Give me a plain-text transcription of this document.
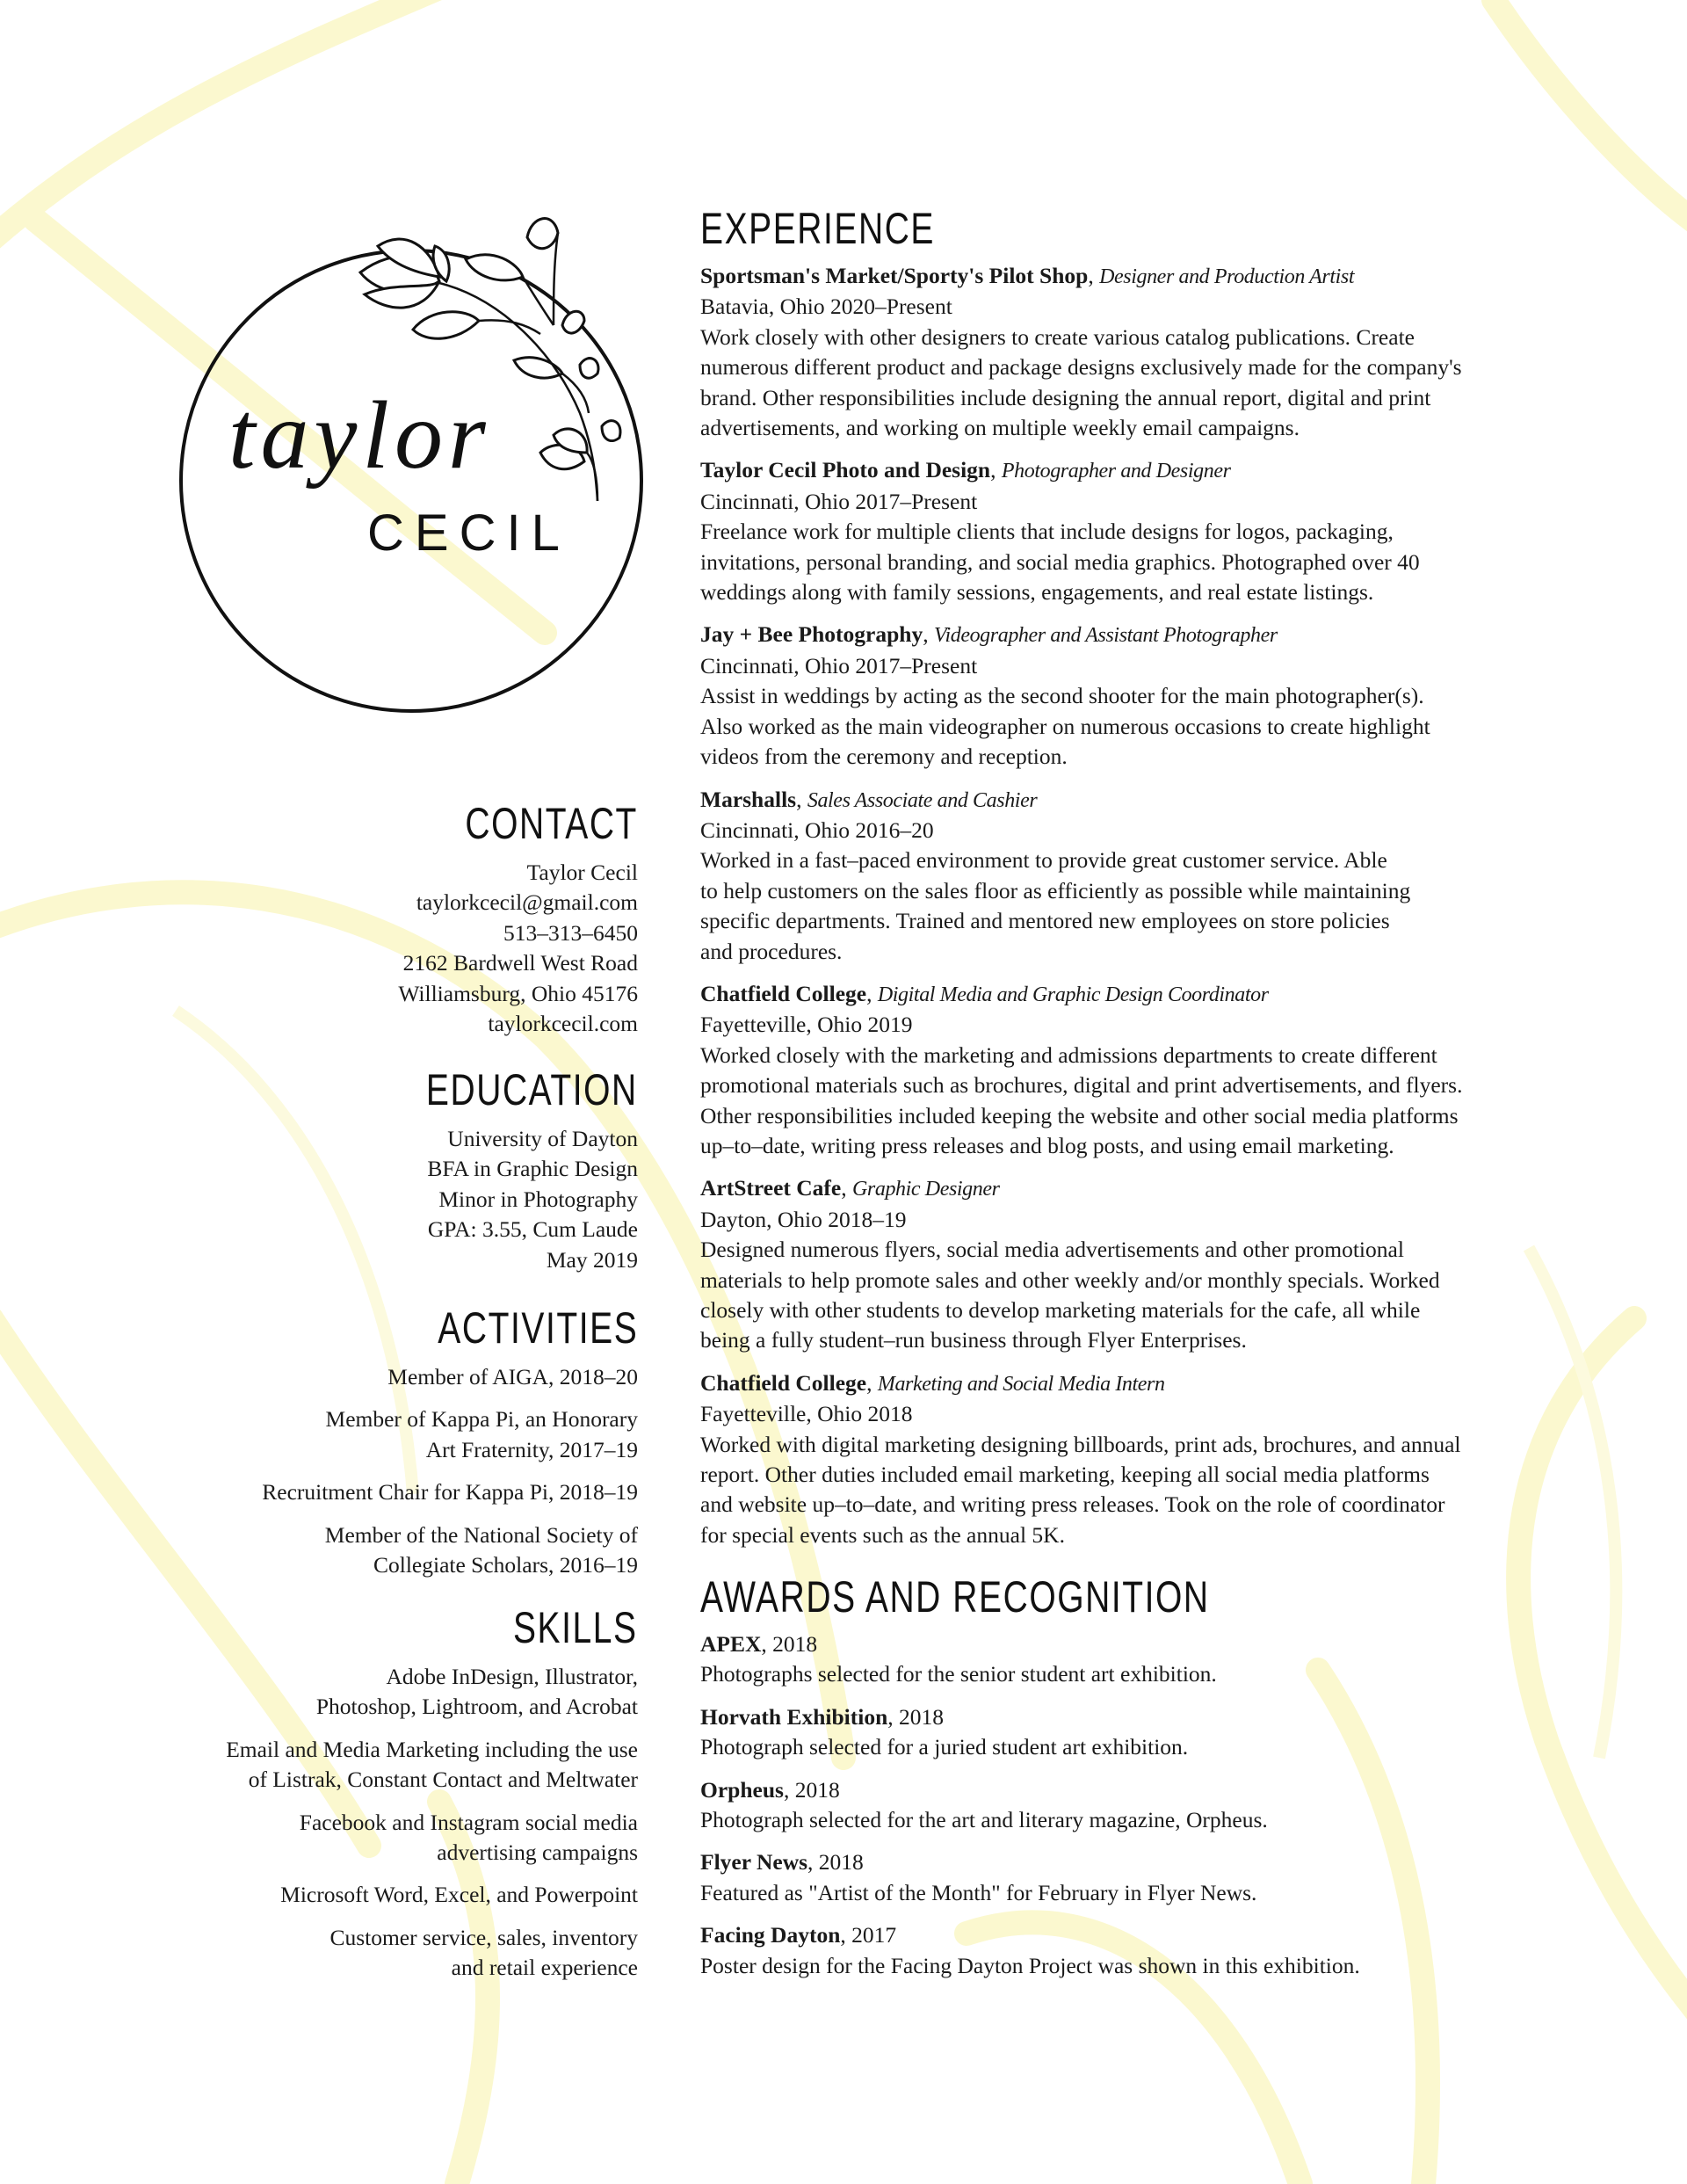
taylor
CECIL
CONTACT
Taylor Cecil
taylorkcecil@gmail.com
513–313–6450
2162 Bardwell West Road
Williamsburg, Ohio 45176
taylorkcecil.com
EDUCATION
University of Dayton
BFA in Graphic Design
Minor in Photography
GPA: 3.55, Cum Laude
May 2019
ACTIVITIES
Member of AIGA, 2018–20
Member of Kappa Pi, an Honorary
Art Fraternity, 2017–19
Recruitment Chair for Kappa Pi, 2018–19
Member of the National Society of
Collegiate Scholars, 2016–19
SKILLS
Adobe InDesign, Illustrator,
Photoshop, Lightroom, and Acrobat
Email and Media Marketing including the use
of Listrak, Constant Contact and Meltwater
Facebook and Instagram social media
advertising campaigns
Microsoft Word, Excel, and Powerpoint
Customer service, sales, inventory
and retail experience
EXPERIENCE
Sportsman's Market/Sporty's Pilot Shop, Designer and Production Artist
Batavia, Ohio 2020–Present
Work closely with other designers to create various catalog publications. Create
numerous different product and package designs exclusively made for the company's
brand. Other responsibilities include designing the annual report, digital and print
advertisements, and working on multiple weekly email campaigns.
Taylor Cecil Photo and Design, Photographer and Designer
Cincinnati, Ohio 2017–Present
Freelance work for multiple clients that include designs for logos, packaging,
invitations, personal branding, and social media graphics. Photographed over 40
weddings along with family sessions, engagements, and real estate listings.
Jay + Bee Photography, Videographer and Assistant Photographer
Cincinnati, Ohio 2017–Present
Assist in weddings by acting as the second shooter for the main photographer(s).
Also worked as the main videographer on numerous occasions to create highlight
videos from the ceremony and reception.
Marshalls, Sales Associate and Cashier
Cincinnati, Ohio 2016–20
Worked in a fast–paced environment to provide great customer service. Able
to help customers on the sales floor as efficiently as possible while maintaining
specific departments. Trained and mentored new employees on store policies
and procedures.
Chatfield College, Digital Media and Graphic Design Coordinator
Fayetteville, Ohio 2019
Worked closely with the marketing and admissions departments to create different
promotional materials such as brochures, digital and print advertisements, and flyers.
Other responsibilities included keeping the website and other social media platforms
up–to–date, writing press releases and blog posts, and using email marketing.
ArtStreet Cafe, Graphic Designer
Dayton, Ohio 2018–19
Designed numerous flyers, social media advertisements and other promotional
materials to help promote sales and other weekly and/or monthly specials. Worked
closely with other students to develop marketing materials for the cafe, all while
being a fully student–run business through Flyer Enterprises.
Chatfield College, Marketing and Social Media Intern
Fayetteville, Ohio 2018
Worked with digital marketing designing billboards, print ads, brochures, and annual
report. Other duties included email marketing, keeping all social media platforms
and website up–to–date, and writing press releases. Took on the role of coordinator
for special events such as the annual 5K.
AWARDS AND RECOGNITION
APEX, 2018
Photographs selected for the senior student art exhibition.
Horvath Exhibition, 2018
Photograph selected for a juried student art exhibition.
Orpheus, 2018
Photograph selected for the art and literary magazine, Orpheus.
Flyer News, 2018
Featured as "Artist of the Month" for February in Flyer News.
Facing Dayton, 2017
Poster design for the Facing Dayton Project was shown in this exhibition.
